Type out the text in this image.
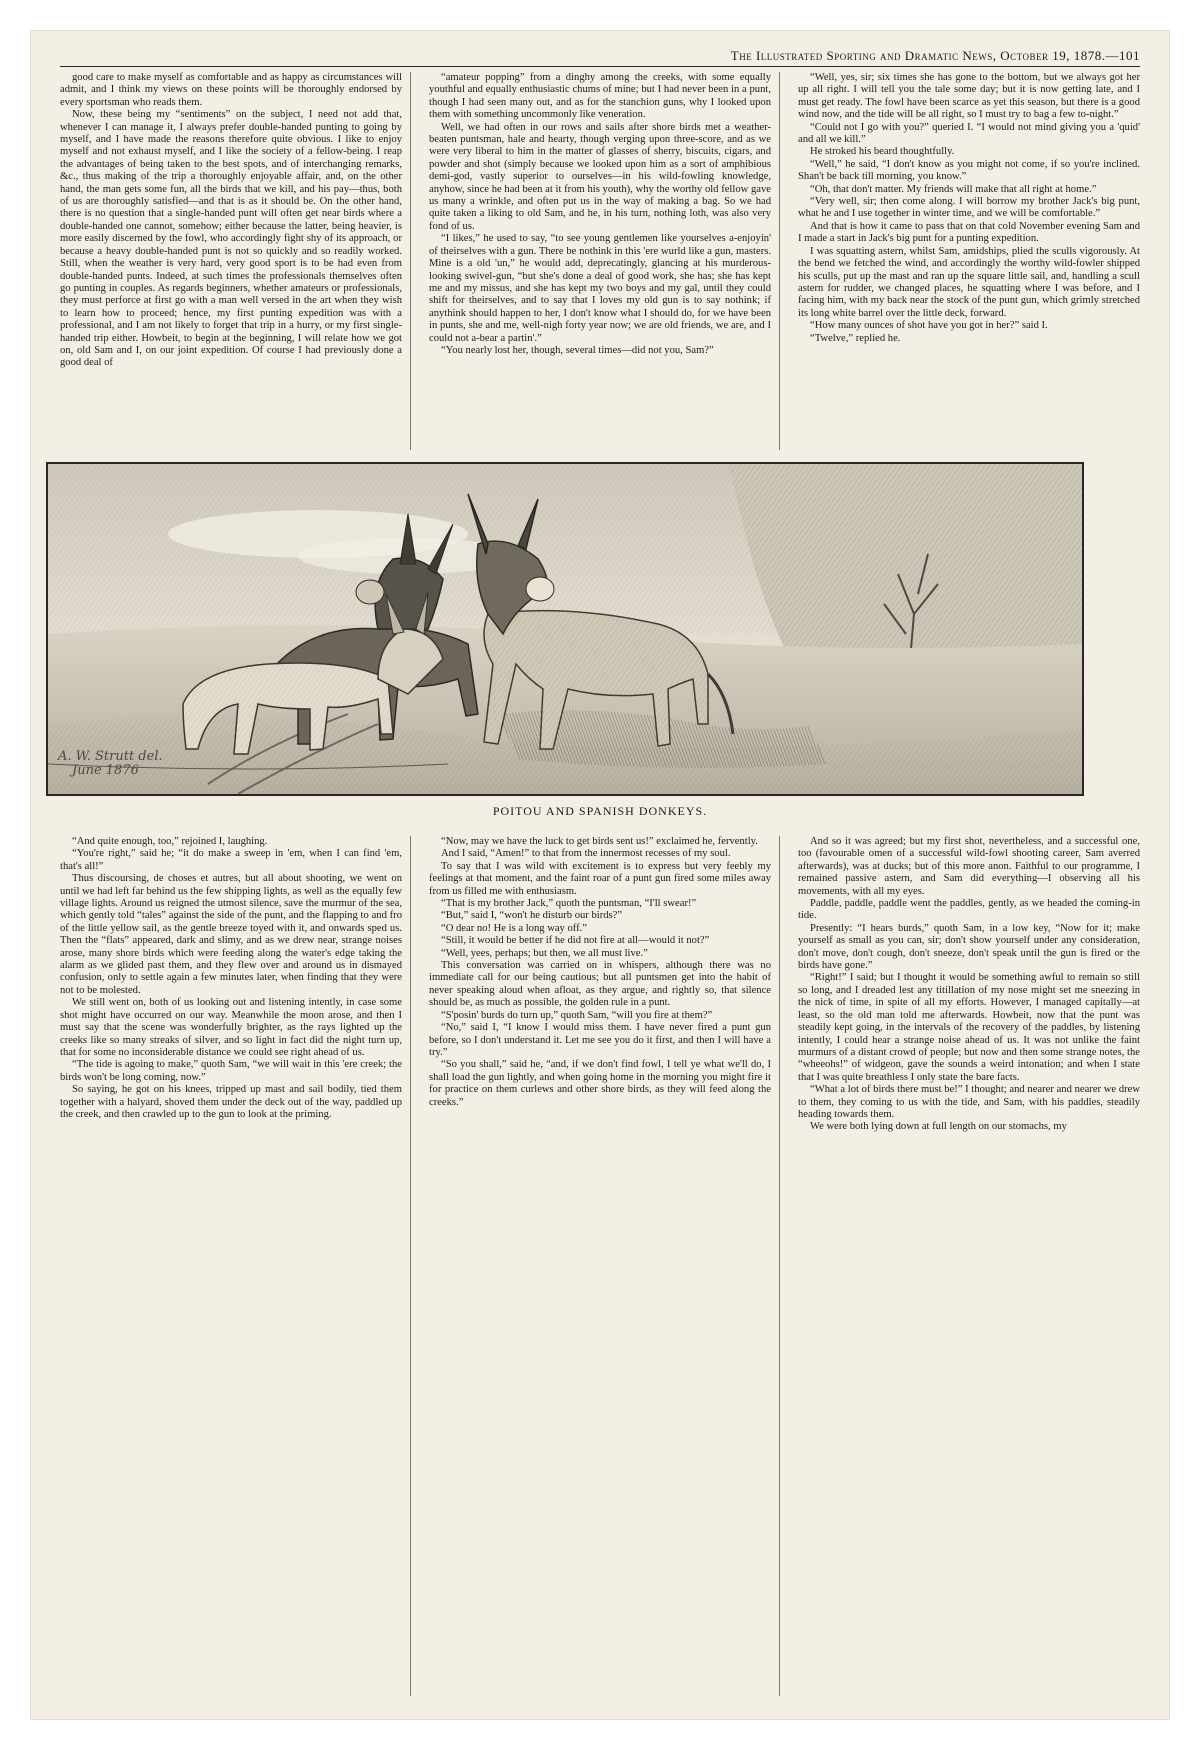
The Illustrated Sporting and Dramatic News, October 19, 1878.—101

good care to make myself as comfortable and as happy as circumstances will admit, and I think my views on these points will be thoroughly endorsed by every sportsman who reads them.

Now, these being my “sentiments” on the subject, I need not add that, whenever I can manage it, I always prefer double-handed punting to going by myself, and I have made the reasons therefore quite obvious. I like to enjoy myself and not exhaust myself, and I like the society of a fellow-being. I reap the advantages of being taken to the best spots, and of interchanging remarks, &c., thus making of the trip a thoroughly enjoyable affair, and, on the other hand, the man gets some fun, all the birds that we kill, and his pay—thus, both of us are thoroughly satisfied—and that is as it should be. On the other hand, there is no question that a single-handed punt will often get near birds where a double-handed one cannot, somehow; either because the latter, being heavier, is more easily discerned by the fowl, who accordingly fight shy of its approach, or because a heavy double-handed punt is not so quickly and so readily worked. Still, when the weather is very hard, very good sport is to be had even from double-handed punts. Indeed, at such times the professionals themselves often go punting in couples. As regards beginners, whether amateurs or professionals, they must perforce at first go with a man well versed in the art when they wish to learn how to proceed; hence, my first punting expedition was with a professional, and I am not likely to forget that trip in a hurry, or my first single-handed trip either. Howbeit, to begin at the beginning, I will relate how we got on, old Sam and I, on our joint expedition. Of course I had previously done a good deal of

“amateur popping” from a dinghy among the creeks, with some equally youthful and equally enthusiastic chums of mine; but I had never been in a punt, though I had seen many out, and as for the stanchion guns, why I looked upon them with something uncommonly like veneration.

Well, we had often in our rows and sails after shore birds met a weather-beaten puntsman, hale and hearty, though verging upon three-score, and as we were very liberal to him in the matter of glasses of sherry, biscuits, cigars, and powder and shot (simply because we looked upon him as a sort of amphibious demi-god, vastly superior to ourselves—in his wild-fowling knowledge, anyhow, since he had been at it from his youth), why the worthy old fellow gave us many a wrinkle, and often put us in the way of making a bag. So we had quite taken a liking to old Sam, and he, in his turn, nothing loth, was also very fond of us.

“I likes,” he used to say, “to see young gentlemen like yourselves a-enjoyin' of theirselves with a gun. There be nothink in this 'ere wurld like a gun, masters. Mine is a old 'un,” he would add, deprecatingly, glancing at his murderous-looking swivel-gun, “but she's done a deal of good work, she has; she has kept me and my missus, and she has kept my two boys and my gal, until they could shift for theirselves, and to say that I loves my old gun is to say nothink; if anythink should happen to her, I don't know what I should do, for we have been in punts, she and me, well-nigh forty year now; we are old friends, we are, and I could not a-bear a partin'.”

“You nearly lost her, though, several times—did not you, Sam?”

“Well, yes, sir; six times she has gone to the bottom, but we always got her up all right. I will tell you the tale some day; but it is now getting late, and I must get ready. The fowl have been scarce as yet this season, but there is a good wind now, and the tide will be all right, so I must try to bag a few to-night.”

“Could not I go with you?” queried I. “I would not mind giving you a 'quid' and all we kill.”

He stroked his beard thoughtfully.

“Well,” he said, “I don't know as you might not come, if so you're inclined. Shan't be back till morning, you know.”

“Oh, that don't matter. My friends will make that all right at home.”

“Very well, sir; then come along. I will borrow my brother Jack's big punt, what he and I use together in winter time, and we will be comfortable.”

And that is how it came to pass that on that cold November evening Sam and I made a start in Jack's big punt for a punting expedition.

I was squatting astern, whilst Sam, amidships, plied the sculls vigorously. At the bend we fetched the wind, and accordingly the worthy wild-fowler shipped his sculls, put up the mast and ran up the square little sail, and, handling a scull astern for rudder, we changed places, he squatting where I was before, and I facing him, with my back near the stock of the punt gun, which grimly stretched its long white barrel over the little deck, forward.

“How many ounces of shot have you got in her?” said I.

“Twelve,” replied he.

A. W. Strutt del.
June 1876
POITOU AND SPANISH DONKEYS.

“And quite enough, too,” rejoined I, laughing.

“You're right,” said he; “it do make a sweep in 'em, when I can find 'em, that's all!”

Thus discoursing, de choses et autres, but all about shooting, we went on until we had left far behind us the few shipping lights, as well as the equally few village lights. Around us reigned the utmost silence, save the murmur of the sea, which gently told “tales” against the side of the punt, and the flapping to and fro of the little yellow sail, as the gentle breeze toyed with it, and onwards sped us. Then the “flats” appeared, dark and slimy, and as we drew near, strange noises arose, many shore birds which were feeding along the water's edge taking the alarm as we glided past them, and they flew over and around us in dismayed confusion, only to settle again a few minutes later, when finding that they were not to be molested.

We still went on, both of us looking out and listening intently, in case some shot might have occurred on our way. Meanwhile the moon arose, and then I must say that the scene was wonderfully brighter, as the rays lighted up the creeks like so many streaks of silver, and so light in fact did the night turn up, that for some no inconsiderable distance we could see right ahead of us.

“The tide is agoing to make,” quoth Sam, “we will wait in this 'ere creek; the birds won't be long coming, now.”

So saying, he got on his knees, tripped up mast and sail bodily, tied them together with a halyard, shoved them under the deck out of the way, paddled up the creek, and then crawled up to the gun to look at the priming.

“Now, may we have the luck to get birds sent us!” exclaimed he, fervently.

And I said, “Amen!” to that from the innermost recesses of my soul.

To say that I was wild with excitement is to express but very feebly my feelings at that moment, and the faint roar of a punt gun fired some miles away from us filled me with enthusiasm.

“That is my brother Jack,” quoth the puntsman, “I'll swear!”

“But,” said I, “won't he disturb our birds?”

“O dear no! He is a long way off.”

“Still, it would be better if he did not fire at all—would it not?”

“Well, yees, perhaps; but then, we all must live.”

This conversation was carried on in whispers, although there was no immediate call for our being cautious; but all puntsmen get into the habit of never speaking aloud when afloat, as they argue, and rightly so, that silence should be, as much as possible, the golden rule in a punt.

“S'posin' burds do turn up,” quoth Sam, “will you fire at them?”

“No,” said I, “I know I would miss them. I have never fired a punt gun before, so I don't understand it. Let me see you do it first, and then I will have a try.”

“So you shall,” said he, “and, if we don't find fowl, I tell ye what we'll do, I shall load the gun lightly, and when going home in the morning you might fire it for practice on them curlews and other shore birds, as they will feed along the creeks.”

And so it was agreed; but my first shot, nevertheless, and a successful one, too (favourable omen of a successful wild-fowl shooting career, Sam averred afterwards), was at ducks; but of this more anon. Faithful to our programme, I remained passive astern, and Sam did everything—I observing all his movements, with all my eyes.

Paddle, paddle, paddle went the paddles, gently, as we headed the coming-in tide.

Presently: “I hears burds,” quoth Sam, in a low key, “Now for it; make yourself as small as you can, sir; don't show yourself under any consideration, don't move, don't cough, don't sneeze, don't speak until the gun is fired or the birds have gone.”

“Right!” I said; but I thought it would be something awful to remain so still so long, and I dreaded lest any titillation of my nose might set me sneezing in the nick of time, in spite of all my efforts. However, I managed capitally—at least, so the old man told me afterwards. Howbeit, now that the punt was steadily kept going, in the intervals of the recovery of the paddles, by listening intently, I could hear a strange noise ahead of us. It was not unlike the faint murmurs of a distant crowd of people; but now and then some strange notes, the “wheeohs!” of widgeon, gave the sounds a weird intonation; and when I state that I was quite breathless I only state the bare facts.

“What a lot of birds there must be!” I thought; and nearer and nearer we drew to them, they coming to us with the tide, and Sam, with his paddles, steadily heading towards them.

We were both lying down at full length on our stomachs, my
